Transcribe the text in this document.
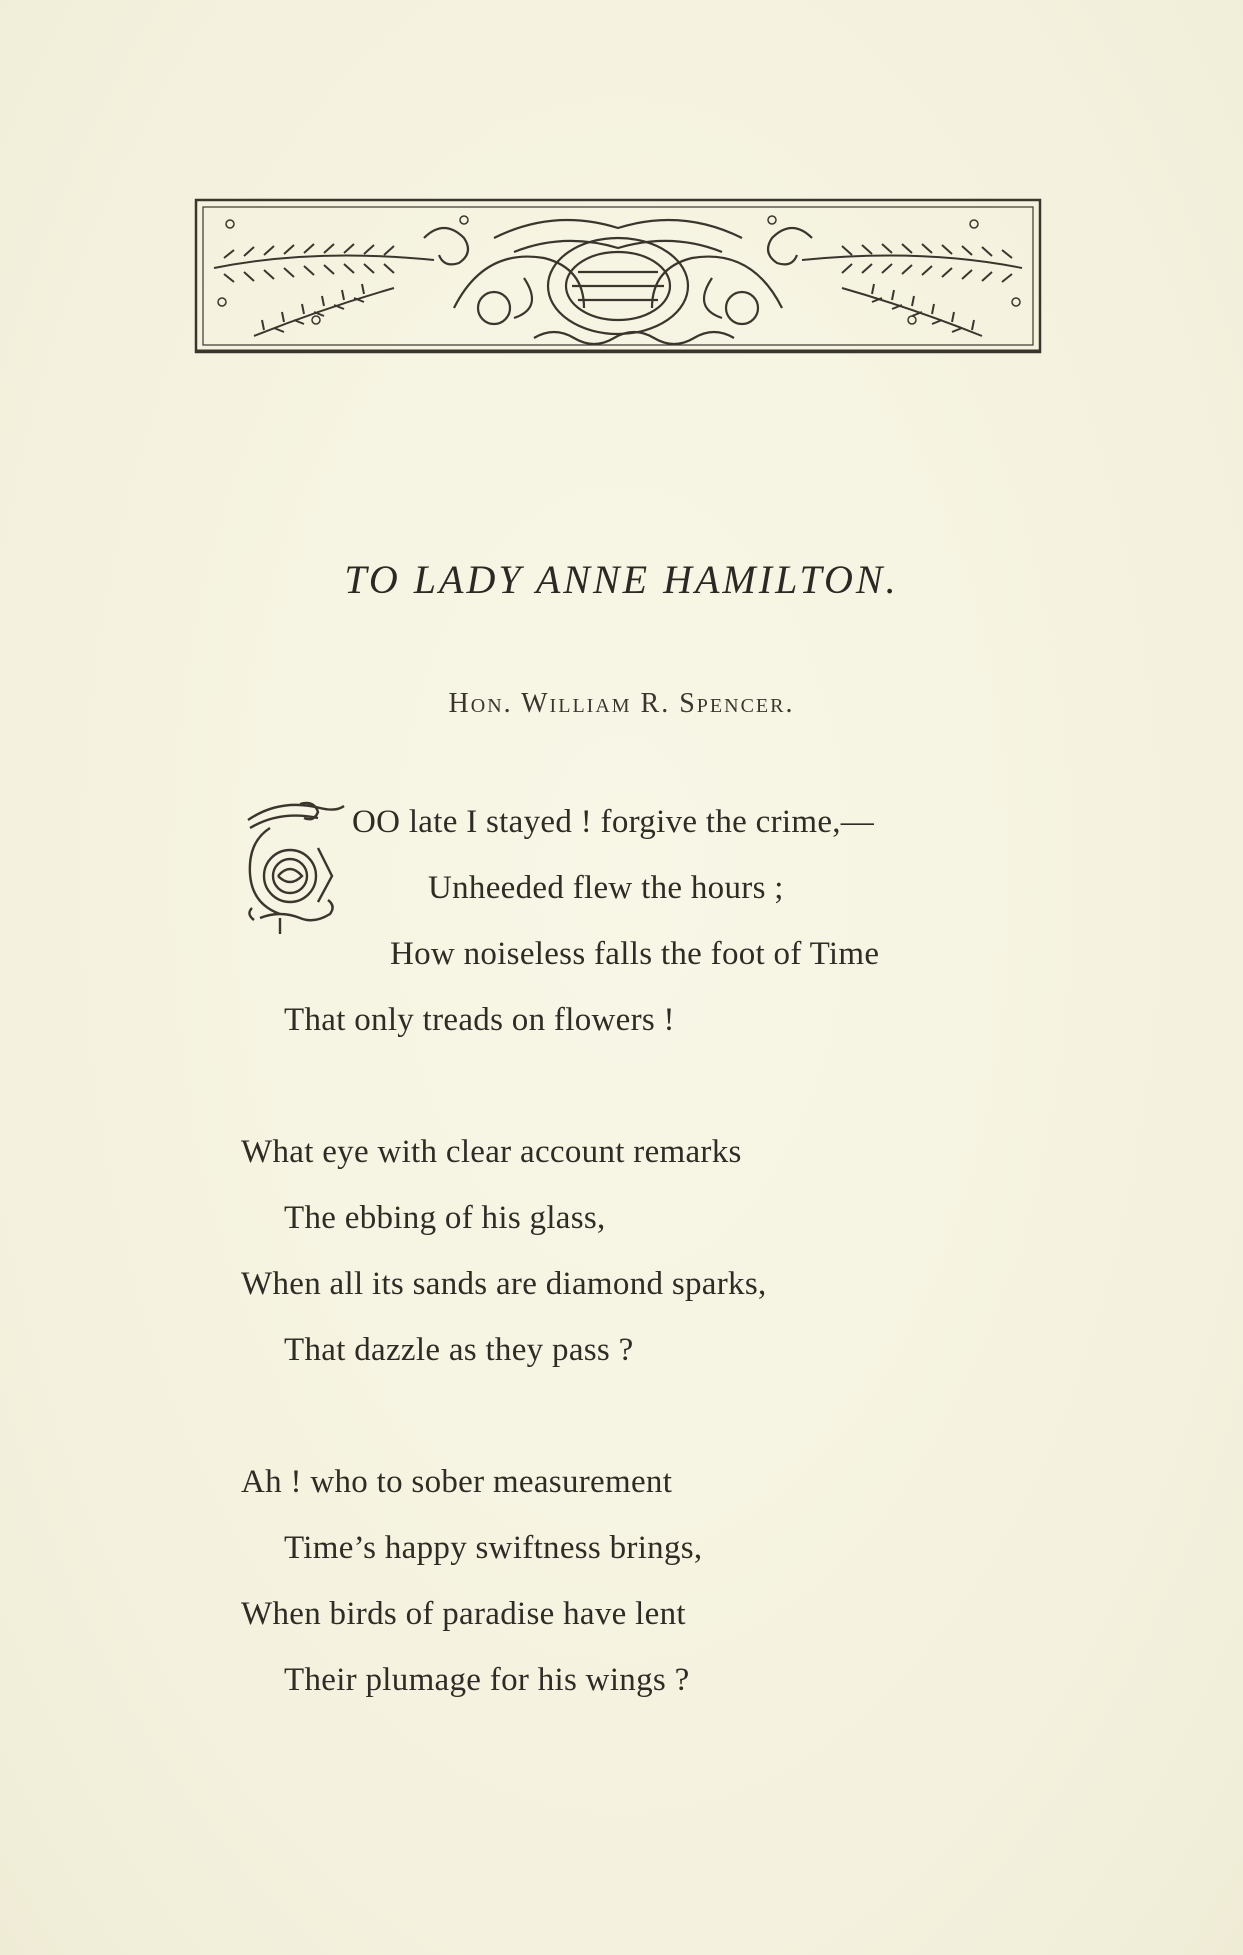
TO LADY ANNE HAMILTON.
Hon. William R. Spencer.
OO late I stayed ! forgive the crime,—
Unheeded flew the hours ;
How noiseless falls the foot of Time
That only treads on flowers !
What eye with clear account remarks
The ebbing of his glass,
When all its sands are diamond sparks,
That dazzle as they pass ?
Ah ! who to sober measurement
Time’s happy swiftness brings,
When birds of paradise have lent
Their plumage for his wings ?
